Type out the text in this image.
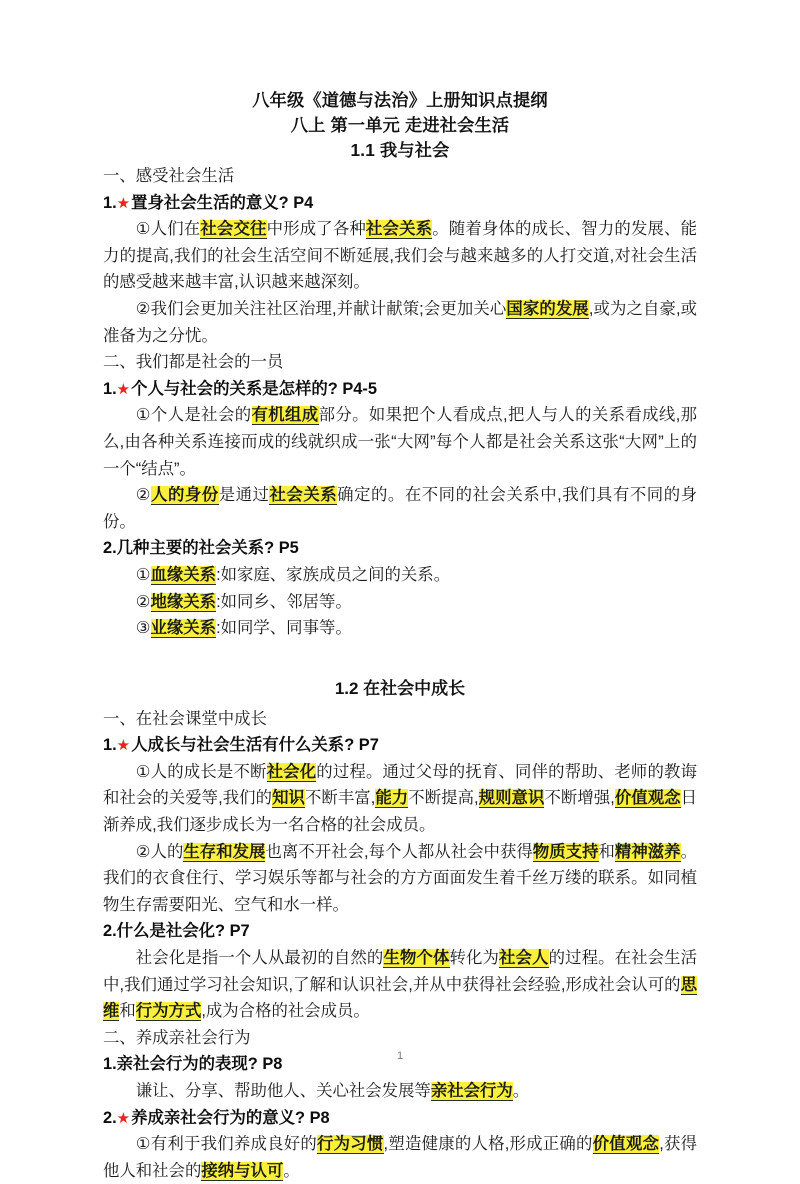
八年级《道德与法治》上册知识点提纲
八上 第一单元 走进社会生活
1.1 我与社会

一、感受社会生活

1.★置身社会生活的意义? P4

①人们在社会交往中形成了各种社会关系。随着身体的成长、智力的发展、能力的提高,我们的社会生活空间不断延展,我们会与越来越多的人打交道,对社会生活的感受越来越丰富,认识越来越深刻。

②我们会更加关注社区治理,并献计献策;会更加关心国家的发展,或为之自豪,或准备为之分忧。

二、我们都是社会的一员

1.★个人与社会的关系是怎样的? P4-5

①个人是社会的有机组成部分。如果把个人看成点,把人与人的关系看成线,那么,由各种关系连接而成的线就织成一张“大网”每个人都是社会关系这张“大网”上的一个“结点”。

②人的身份是通过社会关系确定的。在不同的社会关系中,我们具有不同的身份。

2.几种主要的社会关系? P5

①血缘关系:如家庭、家族成员之间的关系。

②地缘关系:如同乡、邻居等。

③业缘关系:如同学、同事等。

1.2 在社会中成长

一、在社会课堂中成长

1.★人成长与社会生活有什么关系? P7

①人的成长是不断社会化的过程。通过父母的抚育、同伴的帮助、老师的教诲和社会的关爱等,我们的知识不断丰富,能力不断提高,规则意识不断增强,价值观念日渐养成,我们逐步成长为一名合格的社会成员。

②人的生存和发展也离不开社会,每个人都从社会中获得物质支持和精神滋养。我们的衣食住行、学习娱乐等都与社会的方方面面发生着千丝万缕的联系。如同植物生存需要阳光、空气和水一样。

2.什么是社会化? P7

社会化是指一个人从最初的自然的生物个体转化为社会人的过程。在社会生活中,我们通过学习社会知识,了解和认识社会,并从中获得社会经验,形成社会认可的思维和行为方式,成为合格的社会成员。

二、养成亲社会行为

1.亲社会行为的表现? P8

谦让、分享、帮助他人、关心社会发展等亲社会行为。

2.★养成亲社会行为的意义? P8

①有利于我们养成良好的行为习惯,塑造健康的人格,形成正确的价值观念,获得他人和社会的接纳与认可。

1
